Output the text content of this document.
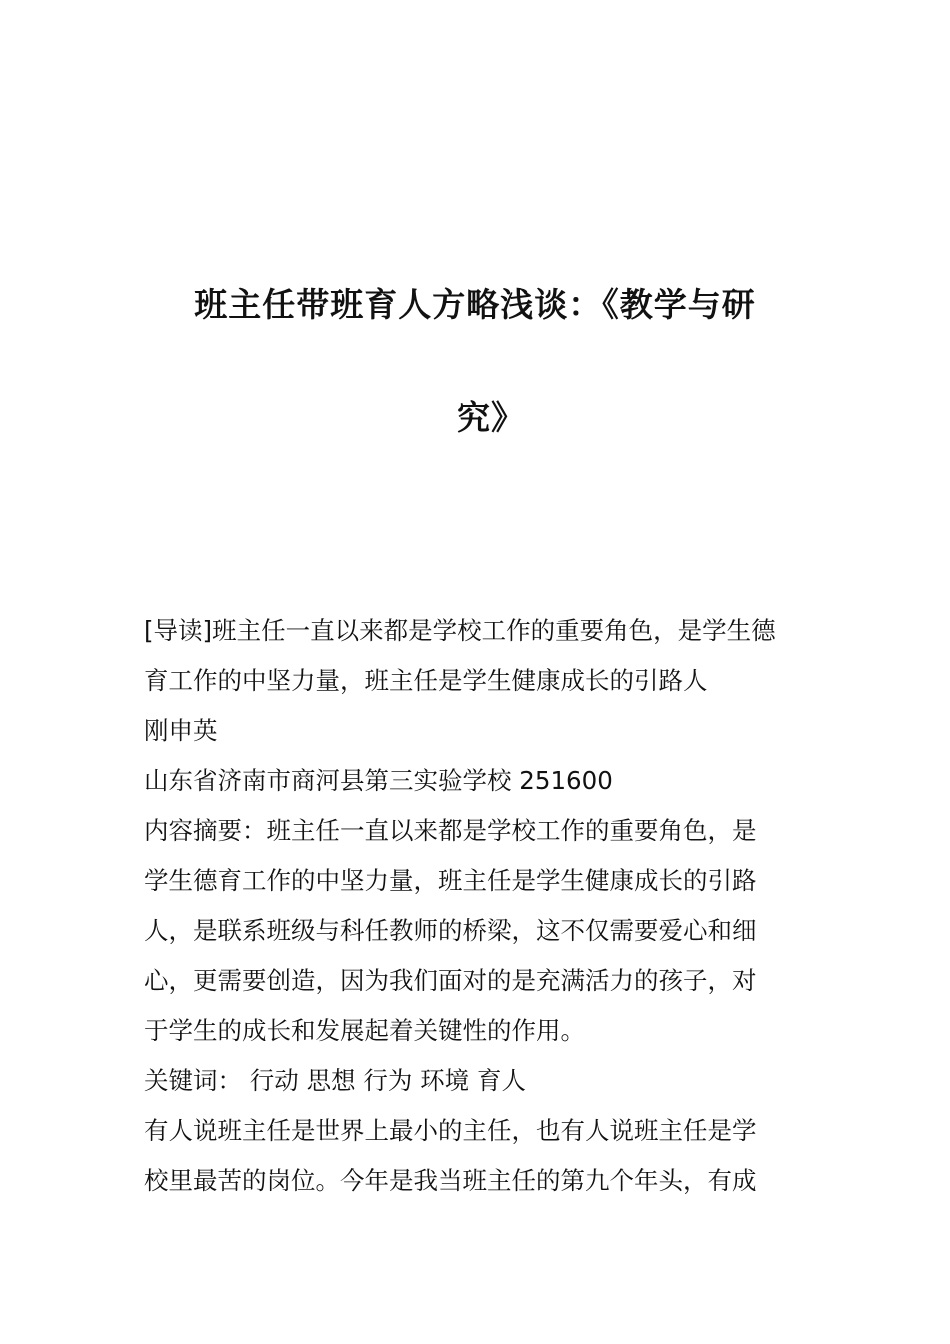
班主任带班育人方略浅谈：《教学与研
究》
[导读]班主任一直以来都是学校工作的重要角色，是学生德
育工作的中坚力量，班主任是学生健康成长的引路人
刚申英
山东省济南市商河县第三实验学校 251600
内容摘要：班主任一直以来都是学校工作的重要角色，是
学生德育工作的中坚力量，班主任是学生健康成长的引路
人，是联系班级与科任教师的桥梁，这不仅需要爱心和细
心，更需要创造，因为我们面对的是充满活力的孩子，对
于学生的成长和发展起着关键性的作用。
关键词： 行动 思想 行为 环境 育人
有人说班主任是世界上最小的主任，也有人说班主任是学
校里最苦的岗位。今年是我当班主任的第九个年头，有成
